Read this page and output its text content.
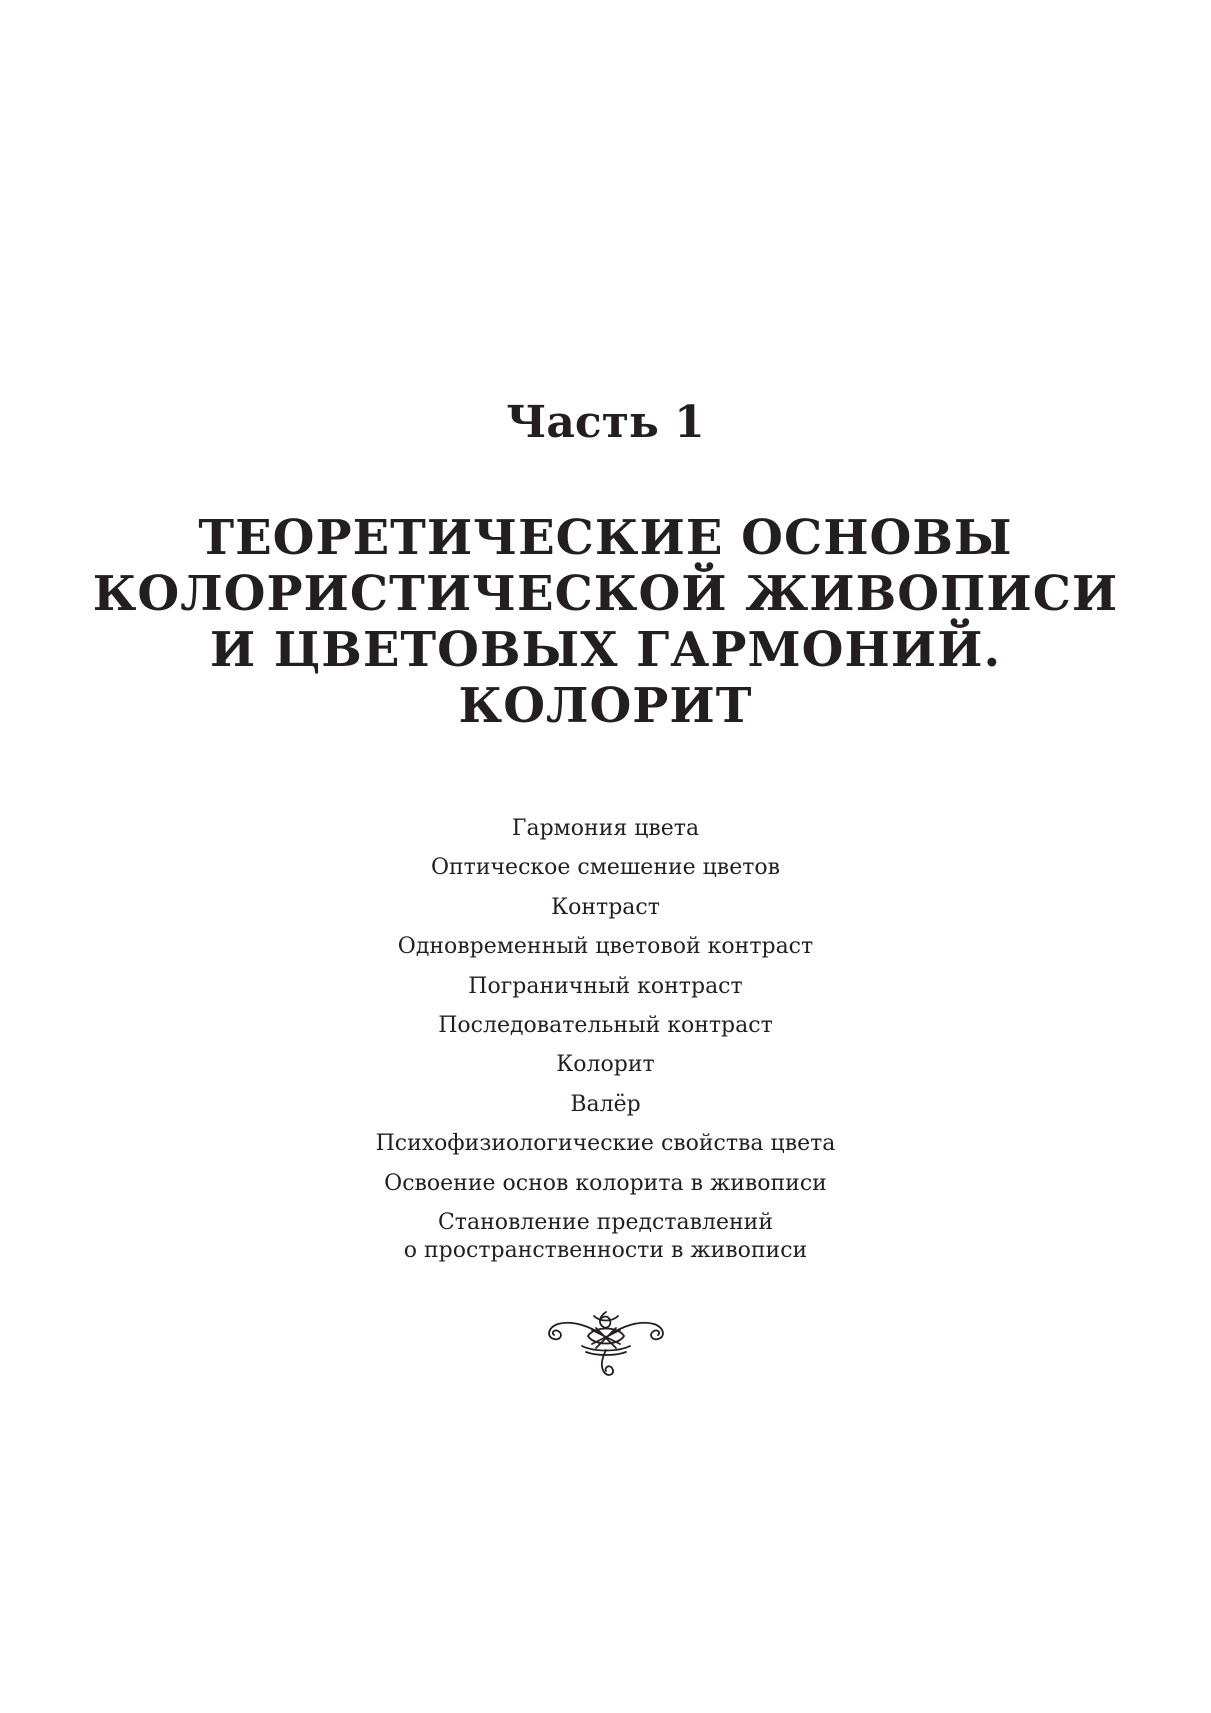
Часть 1
ТЕОРЕТИЧЕСКИЕ ОСНОВЫ
КОЛОРИСТИЧЕСКОЙ ЖИВОПИСИ
И ЦВЕТОВЫХ ГАРМОНИЙ.
КОЛОРИТ
Гармония цвета
Оптическое смешение цветов
Контраст
Одновременный цветовой контраст
Пограничный контраст
Последовательный контраст
Колорит
Валёр
Психофизиологические свойства цвета
Освоение основ колорита в живописи
Становление представлений
о пространственности в живописи
